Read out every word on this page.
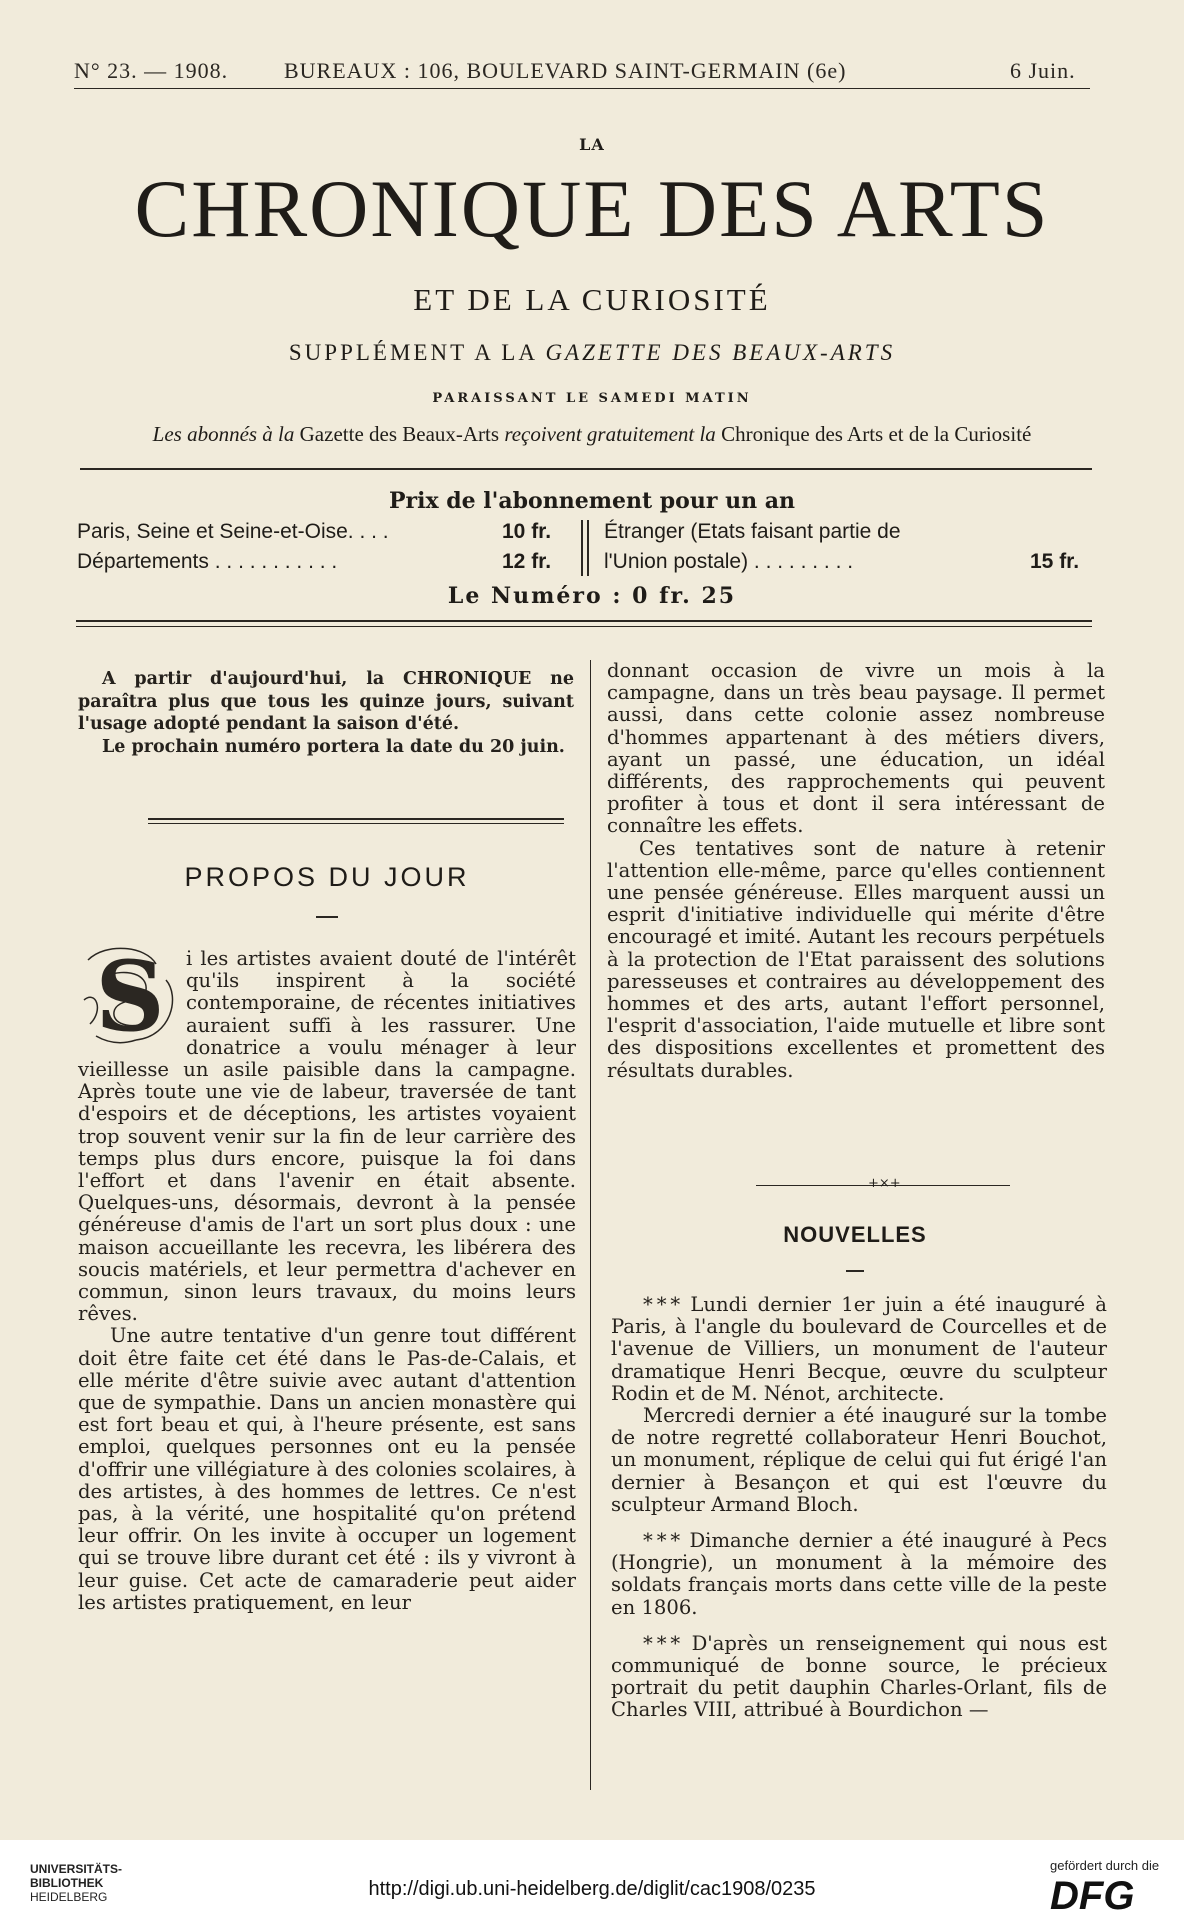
N° 23. — 1908.	BUREAUX : 106, BOULEVARD SAINT-GERMAIN (6e)	6 Juin.
LA
CHRONIQUE DES ARTS
ET DE LA CURIOSITÉ
SUPPLÉMENT A LA GAZETTE DES BEAUX-ARTS
PARAISSANT LE SAMEDI MATIN
Les abonnés à la Gazette des Beaux-Arts reçoivent gratuitement la Chronique des Arts et de la Curiosité
Prix de l'abonnement pour un an
Paris, Seine et Seine-et-Oise. . . .	10 fr.
Départements . . . . . . . . . . .	12 fr.
Étranger (Etats faisant partie de
l'Union postale) . . . . . . . . .	15 fr.
Le Numéro : 0 fr. 25

A partir d'aujourd'hui, la CHRONIQUE ne paraîtra plus que tous les quinze jours, suivant l'usage adopté pendant la saison d'été.

Le prochain numéro portera la date du 20 juin.

PROPOS DU JOUR
S	i les artistes avaient douté de l'intérêt qu'ils inspirent à la société contemporaine, de récentes initiatives auraient suffi à les rassurer. Une donatrice a voulu ménager à leur vieillesse un asile paisible dans la campagne. Après toute une vie de labeur, traversée de tant d'espoirs et de déceptions, les artistes voyaient trop souvent venir sur la fin de leur carrière des temps plus durs encore, puisque la foi dans l'effort et dans l'avenir en était absente. Quelques-uns, désormais, devront à la pensée généreuse d'amis de l'art un sort plus doux : une maison accueillante les recevra, les libérera des soucis matériels, et leur permettra d'achever en commun, sinon leurs travaux, du moins leurs rêves.

Une autre tentative d'un genre tout différent doit être faite cet été dans le Pas-de-Calais, et elle mérite d'être suivie avec autant d'attention que de sympathie. Dans un ancien monastère qui est fort beau et qui, à l'heure présente, est sans emploi, quelques personnes ont eu la pensée d'offrir une villégiature à des colonies scolaires, à des artistes, à des hommes de lettres. Ce n'est pas, à la vérité, une hospitalité qu'on prétend leur offrir. On les invite à occuper un logement qui se trouve libre durant cet été : ils y vivront à leur guise. Cet acte de camaraderie peut aider les artistes pratiquement, en leur

donnant occasion de vivre un mois à la campagne, dans un très beau paysage. Il permet aussi, dans cette colonie assez nombreuse d'hommes appartenant à des métiers divers, ayant un passé, une éducation, un idéal différents, des rapprochements qui peuvent profiter à tous et dont il sera intéressant de connaître les effets.

Ces tentatives sont de nature à retenir l'attention elle-même, parce qu'elles contiennent une pensée généreuse. Elles marquent aussi un esprit d'initiative individuelle qui mérite d'être encouragé et imité. Autant les recours perpétuels à la protection de l'Etat paraissent des solutions paresseuses et contraires au développement des hommes et des arts, autant l'effort personnel, l'esprit d'association, l'aide mutuelle et libre sont des dispositions excellentes et promettent des résultats durables.

+×+
NOUVELLES

* * * Lundi dernier 1er juin a été inauguré à Paris, à l'angle du boulevard de Courcelles et de l'avenue de Villiers, un monument de l'auteur dramatique Henri Becque, œuvre du sculpteur Rodin et de M. Nénot, architecte.

Mercredi dernier a été inauguré sur la tombe de notre regretté collaborateur Henri Bouchot, un monument, réplique de celui qui fut érigé l'an dernier à Besançon et qui est l'œuvre du sculpteur Armand Bloch.

* * * Dimanche dernier a été inauguré à Pecs (Hongrie), un monument à la mémoire des soldats français morts dans cette ville de la peste en 1806.

* * * D'après un renseignement qui nous est communiqué de bonne source, le précieux portrait du petit dauphin Charles-Orlant, fils de Charles VIII, attribué à Bourdichon —

UNIVERSITÄTS-
BIBLIOTHEK
HEIDELBERG	http://digi.ub.uni-heidelberg.de/diglit/cac1908/0235
gefördert durch die
DFG
